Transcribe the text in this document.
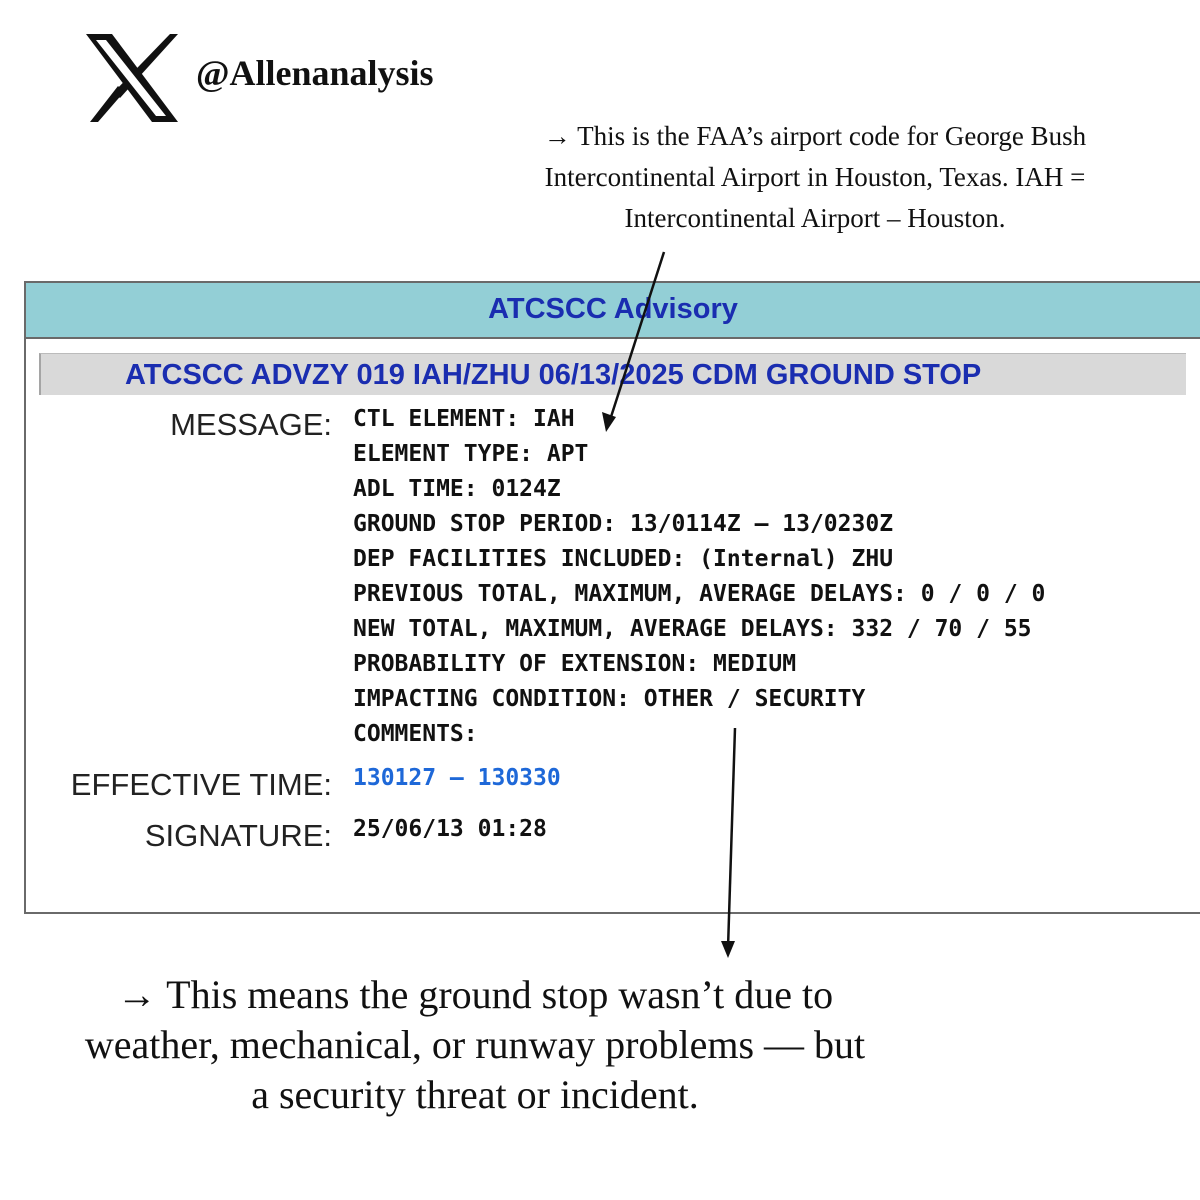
@Allenanalysis
→ This is the FAA’s airport code for George Bush
Intercontinental Airport in Houston, Texas. IAH =
Intercontinental Airport – Houston.
ATCSCC Advisory
ATCSCC ADVZY 019 IAH/ZHU 06/13/2025 CDM GROUND STOP
MESSAGE: CTL ELEMENT: IAH
ELEMENT TYPE: APT
ADL TIME: 0124Z
GROUND STOP PERIOD: 13/0114Z – 13/0230Z
DEP FACILITIES INCLUDED: (Internal) ZHU
PREVIOUS TOTAL, MAXIMUM, AVERAGE DELAYS: 0 / 0 / 0
NEW TOTAL, MAXIMUM, AVERAGE DELAYS: 332 / 70 / 55
PROBABILITY OF EXTENSION: MEDIUM
IMPACTING CONDITION: OTHER / SECURITY
COMMENTS:
EFFECTIVE TIME: 130127 – 130330
SIGNATURE: 25/06/13 01:28
→ This means the ground stop wasn’t due to
weather, mechanical, or runway problems — but
a security threat or incident.
